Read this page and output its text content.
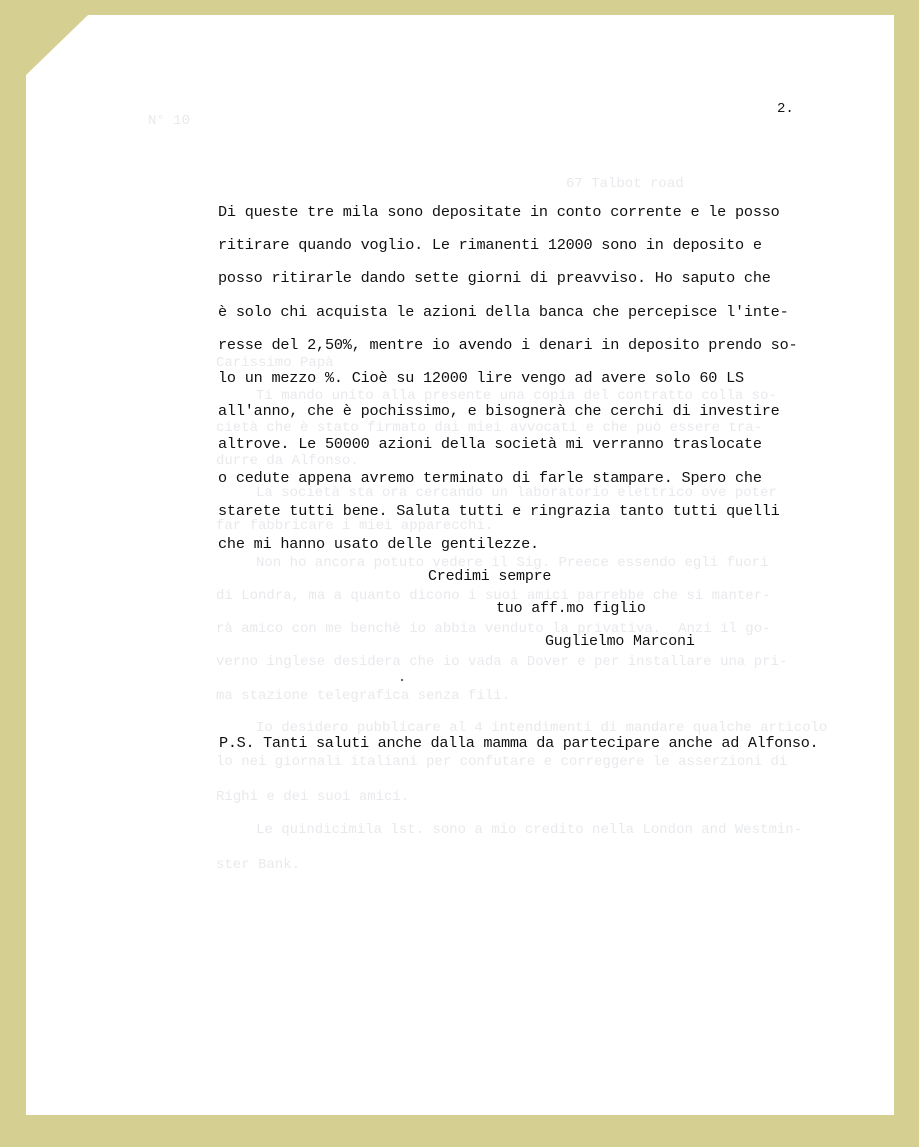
N° 10
67 Talbot road
Carissimo Papà
Ti mando unito alla presente una copia del contratto colla so-
cietà che è stato firmato dai miei avvocati e che può essere tra-
durre da Alfonso.
La società sta ora cercando un laboratorio elettrico ove poter
far fabbricare i miei apparecchi.
Non ho ancora potuto vedere il Sig. Preece essendo egli fuori
di Londra, ma a quanto dicono i suoi amici parrebbe che si manter-
rà amico con me benchè io abbia venduto la privativa.  Anzi il go-
verno inglese desidera che io vada a Dover e per installare una pri-
ma stazione telegrafica senza fili.
Io desidero pubblicare al 4 intendimenti di mandare qualche articolo
lo nei giornali italiani per confutare e correggere le asserzioni di
Righi e dei suoi amici.
Le quindicimila lst. sono a mio credito nella London and Westmin-
ster Bank.
2.
Di queste tre mila sono depositate in conto corrente e le posso
ritirare quando voglio. Le rimanenti 12000 sono in deposito e
posso ritirarle dando sette giorni di preavviso. Ho saputo che
è solo chi acquista le azioni della banca che percepisce l'inte-
resse del 2,50%, mentre io avendo i denari in deposito prendo so-
lo un mezzo %. Cioè su 12000 lire vengo ad avere solo 60 LS
all'anno, che è pochissimo, e bisognerà che cerchi di investire
altrove. Le 50000 azioni della società mi verranno traslocate
o cedute appena avremo terminato di farle stampare. Spero che
starete tutti bene. Saluta tutti e ringrazia tanto tutti quelli
che mi hanno usato delle gentilezze.
Credimi sempre
tuo aff.mo figlio
Guglielmo Marconi
P.S. Tanti saluti anche dalla mamma da partecipare anche ad Alfonso.
